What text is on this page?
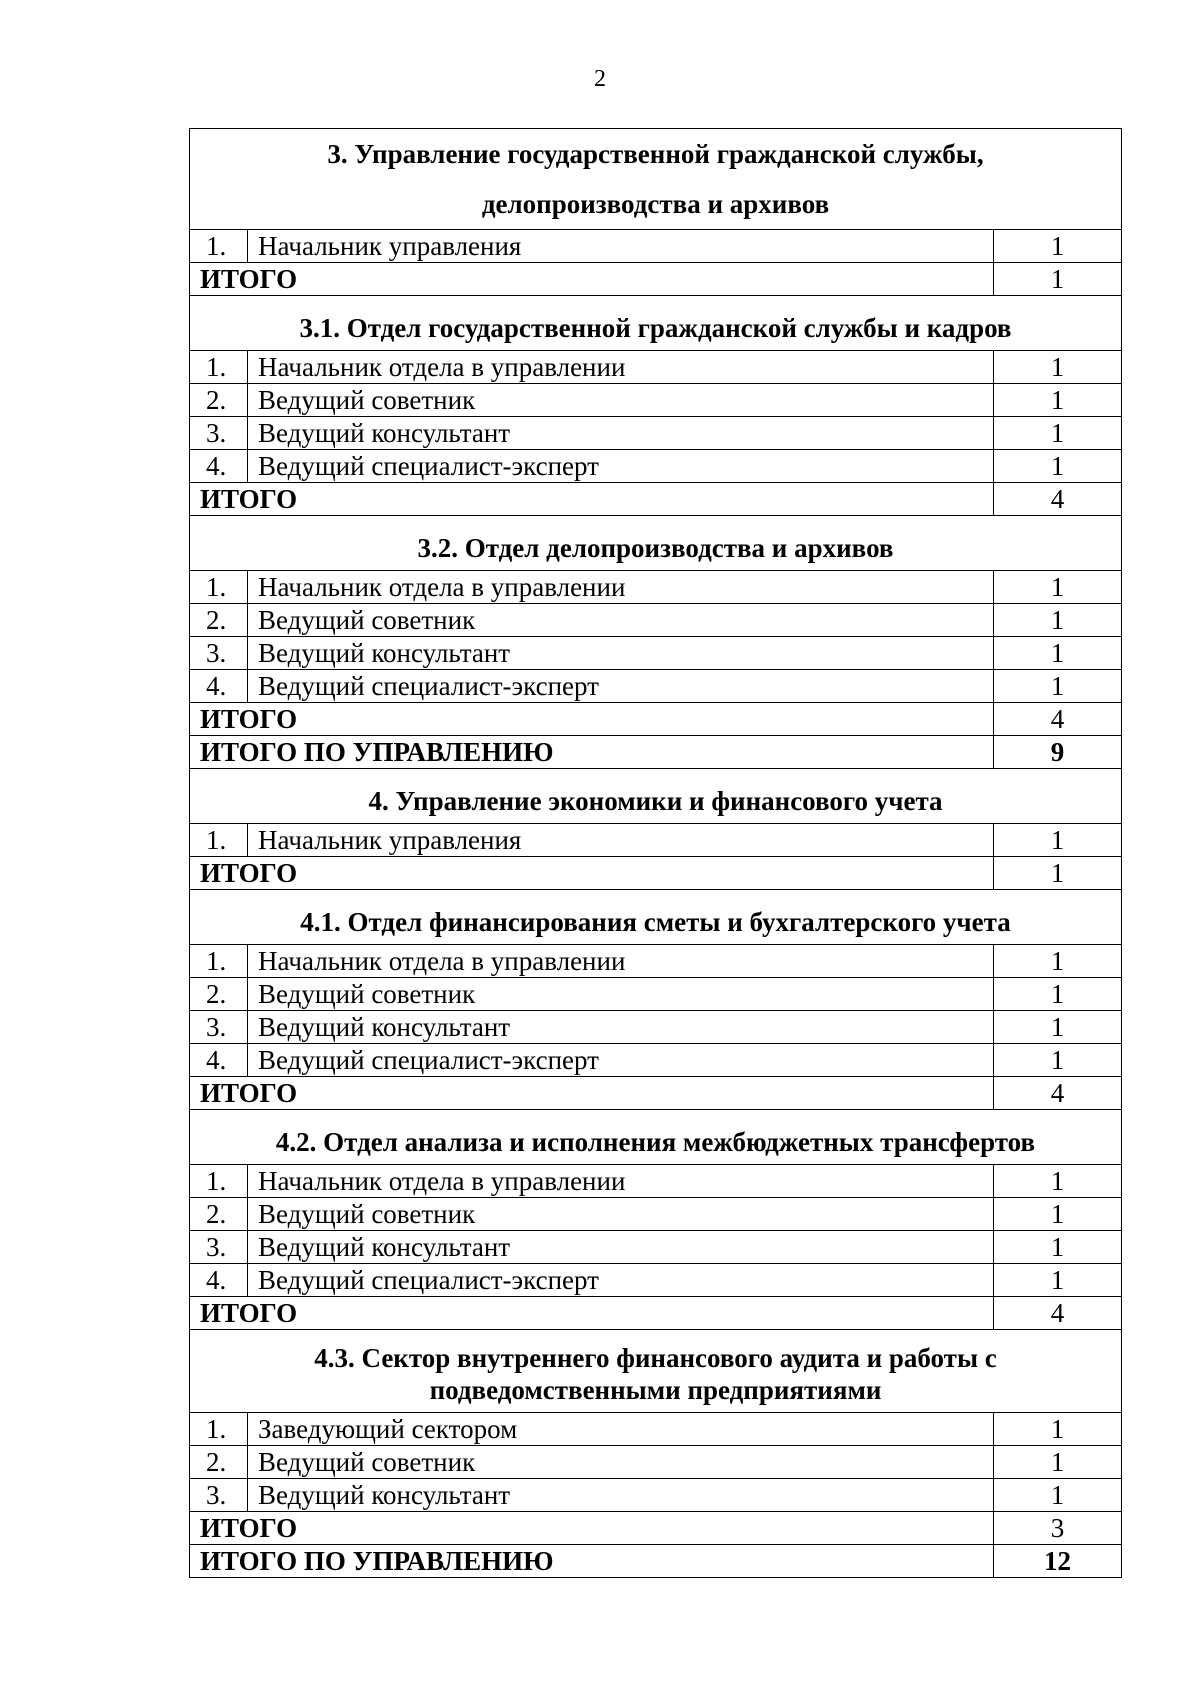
2
3. Управление государственной гражданской службы,
делопроизводства и архивов		
1.	Начальник управления	1
ИТОГО		1
3.1. Отдел государственной гражданской службы и кадров		
1.	Начальник отдела в управлении	1
2.	Ведущий советник	1
3.	Ведущий консультант	1
4.	Ведущий специалист-эксперт	1
ИТОГО		4
3.2. Отдел делопроизводства и архивов		
1.	Начальник отдела в управлении	1
2.	Ведущий советник	1
3.	Ведущий консультант	1
4.	Ведущий специалист-эксперт	1
ИТОГО		4
ИТОГО ПО УПРАВЛЕНИЮ		9
4. Управление экономики и финансового учета		
1.	Начальник управления	1
ИТОГО		1
4.1. Отдел финансирования сметы и бухгалтерского учета		
1.	Начальник отдела в управлении	1
2.	Ведущий советник	1
3.	Ведущий консультант	1
4.	Ведущий специалист-эксперт	1
ИТОГО		4
4.2. Отдел анализа и исполнения межбюджетных трансфертов		
1.	Начальник отдела в управлении	1
2.	Ведущий советник	1
3.	Ведущий консультант	1
4.	Ведущий специалист-эксперт	1
ИТОГО		4
4.3. Сектор внутреннего финансового аудита и работы с
подведомственными предприятиями		
1.	Заведующий сектором	1
2.	Ведущий советник	1
3.	Ведущий консультант	1
ИТОГО		3
ИТОГО ПО УПРАВЛЕНИЮ		12
